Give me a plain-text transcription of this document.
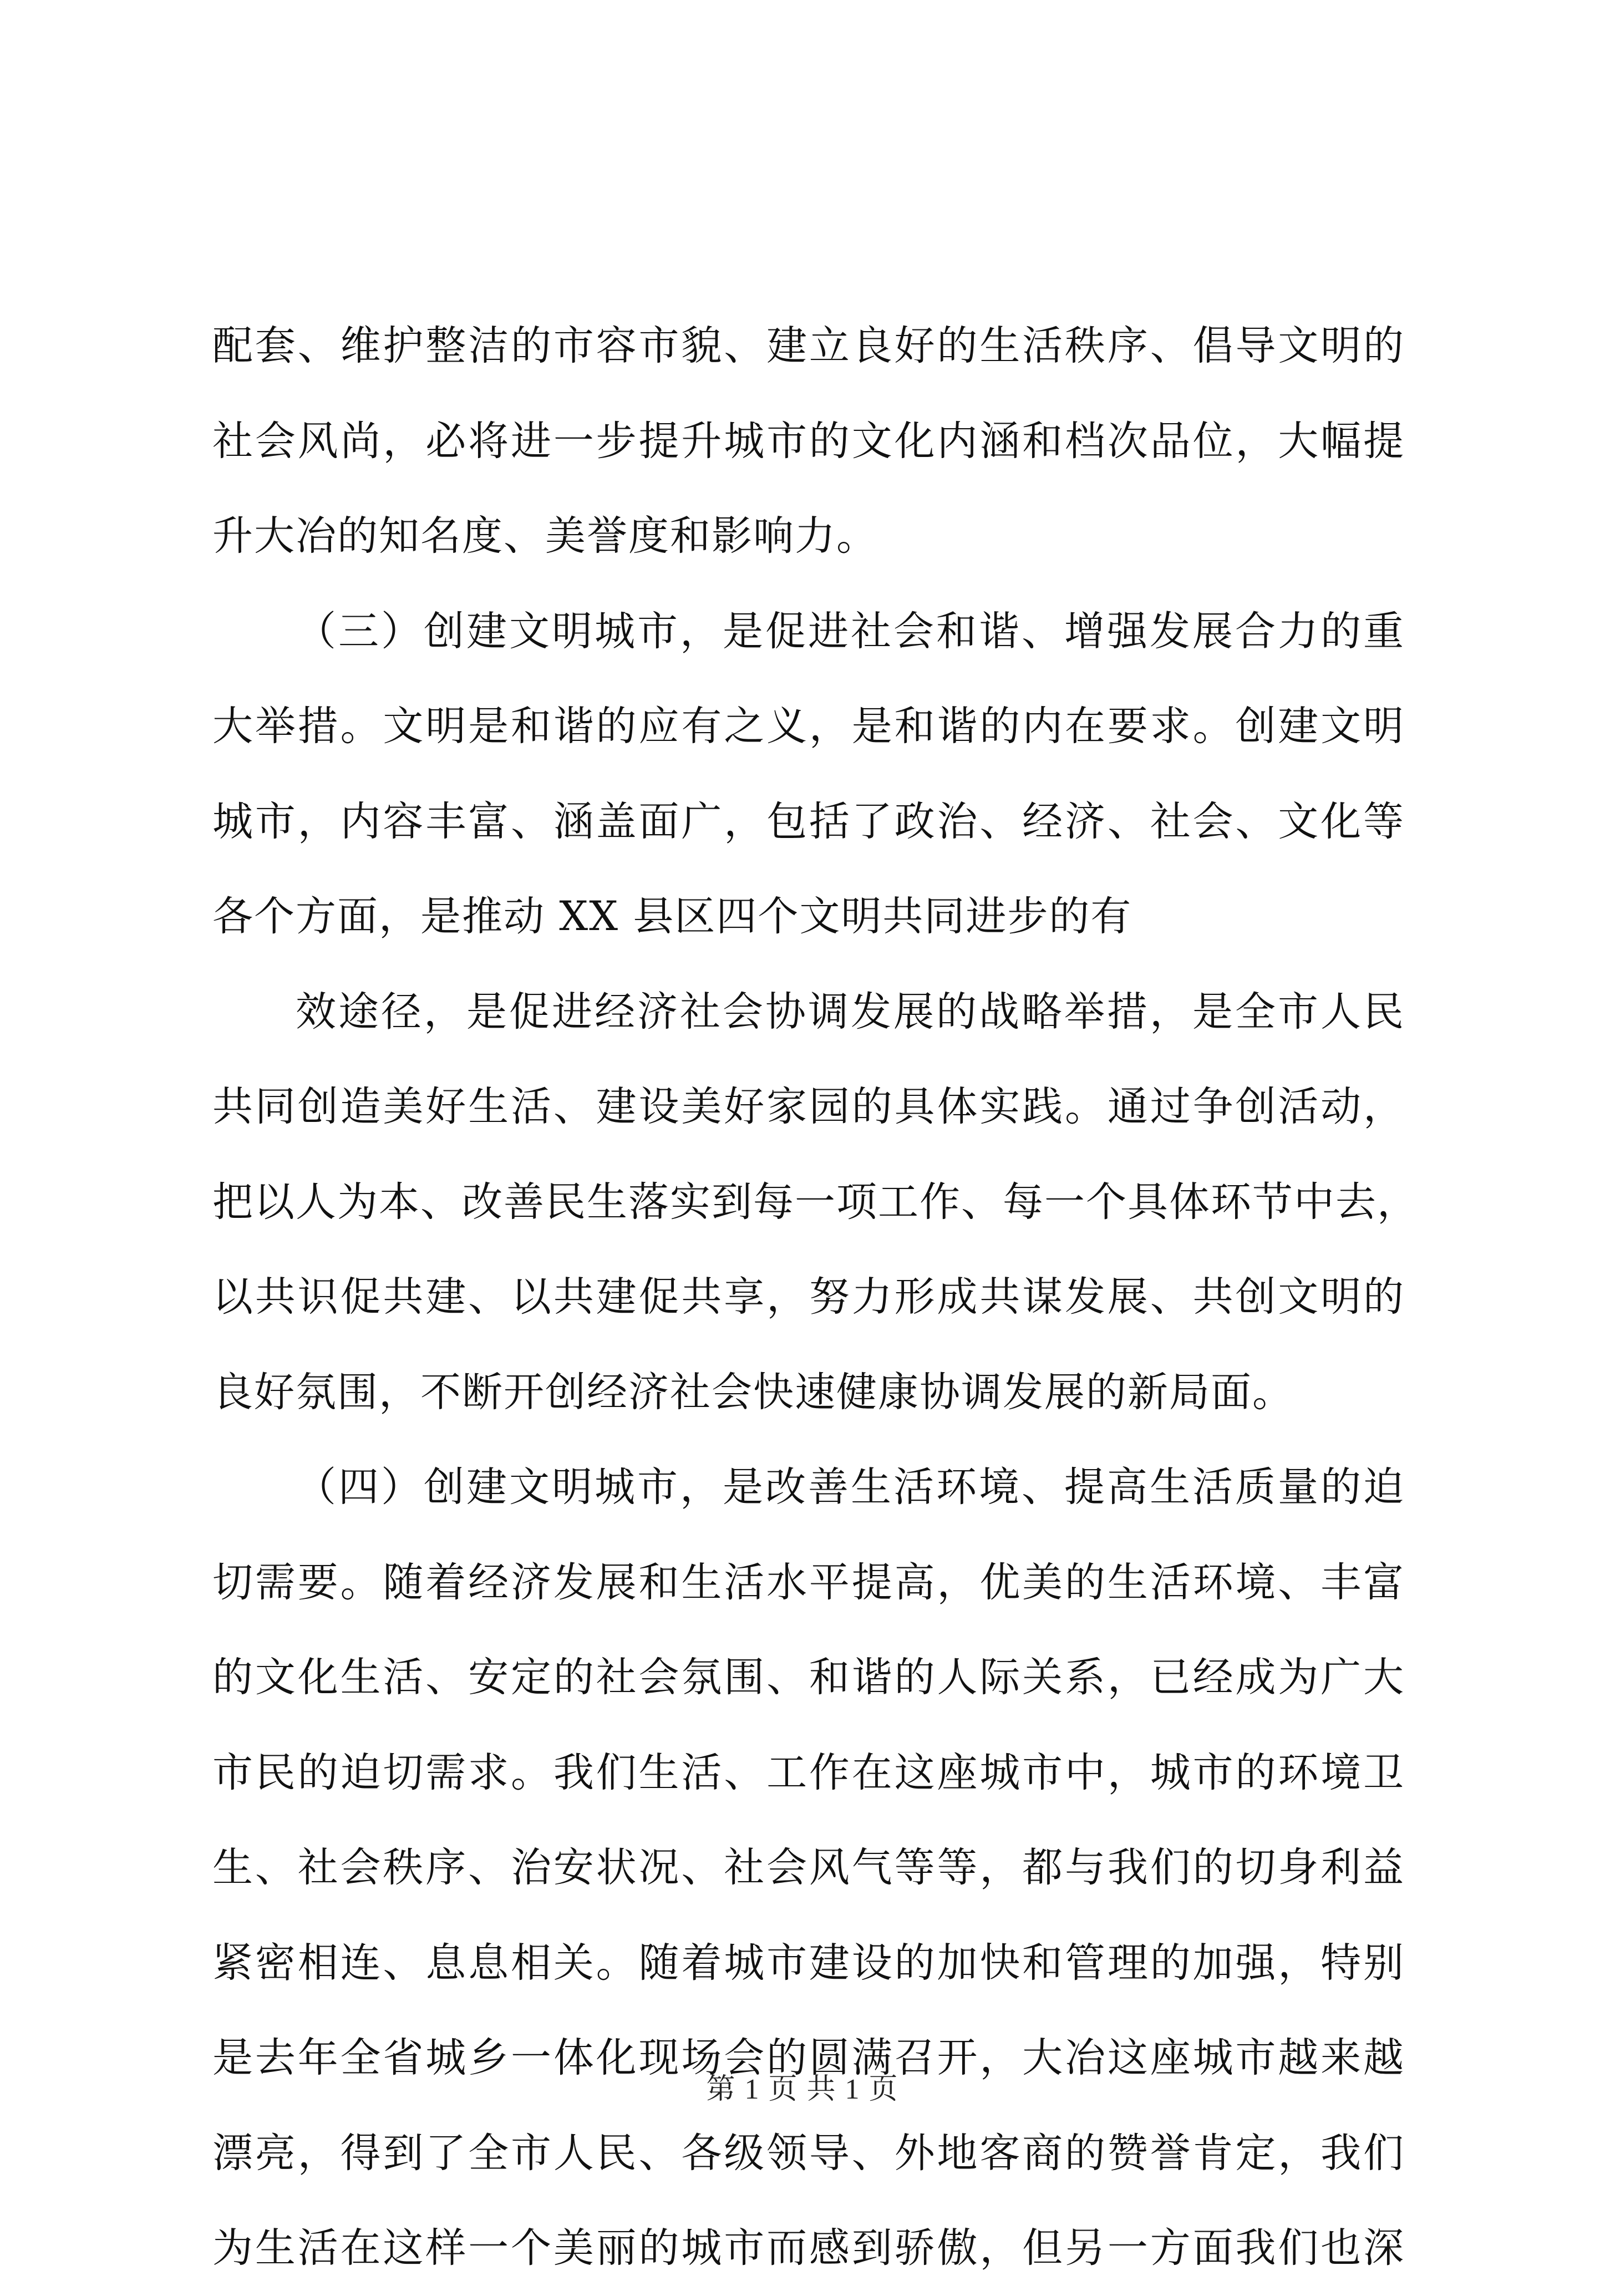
配套、维护整洁的市容市貌、建立良好的生活秩序、倡导文明的
社会风尚，必将进一步提升城市的文化内涵和档次品位，大幅提
升大冶的知名度、美誉度和影响力。
（三）创建文明城市，是促进社会和谐、增强发展合力的重
大举措。文明是和谐的应有之义，是和谐的内在要求。创建文明
城市，内容丰富、涵盖面广，包括了政治、经济、社会、文化等
各个方面，是推动 XX 县区四个文明共同进步的有
效途径，是促进经济社会协调发展的战略举措，是全市人民
共同创造美好生活、建设美好家园的具体实践。通过争创活动，
把以人为本、改善民生落实到每一项工作、每一个具体环节中去，
以共识促共建、以共建促共享，努力形成共谋发展、共创文明的
良好氛围，不断开创经济社会快速健康协调发展的新局面。
（四）创建文明城市，是改善生活环境、提高生活质量的迫
切需要。随着经济发展和生活水平提高，优美的生活环境、丰富
的文化生活、安定的社会氛围、和谐的人际关系，已经成为广大
市民的迫切需求。我们生活、工作在这座城市中，城市的环境卫
生、社会秩序、治安状况、社会风气等等，都与我们的切身利益
紧密相连、息息相关。随着城市建设的加快和管理的加强，特别
是去年全省城乡一体化现场会的圆满召开，大冶这座城市越来越
漂亮，得到了全市人民、各级领导、外地客商的赞誉肯定，我们
为生活在这样一个美丽的城市而感到骄傲，但另一方面我们也深
第 1 页 共 1 页
